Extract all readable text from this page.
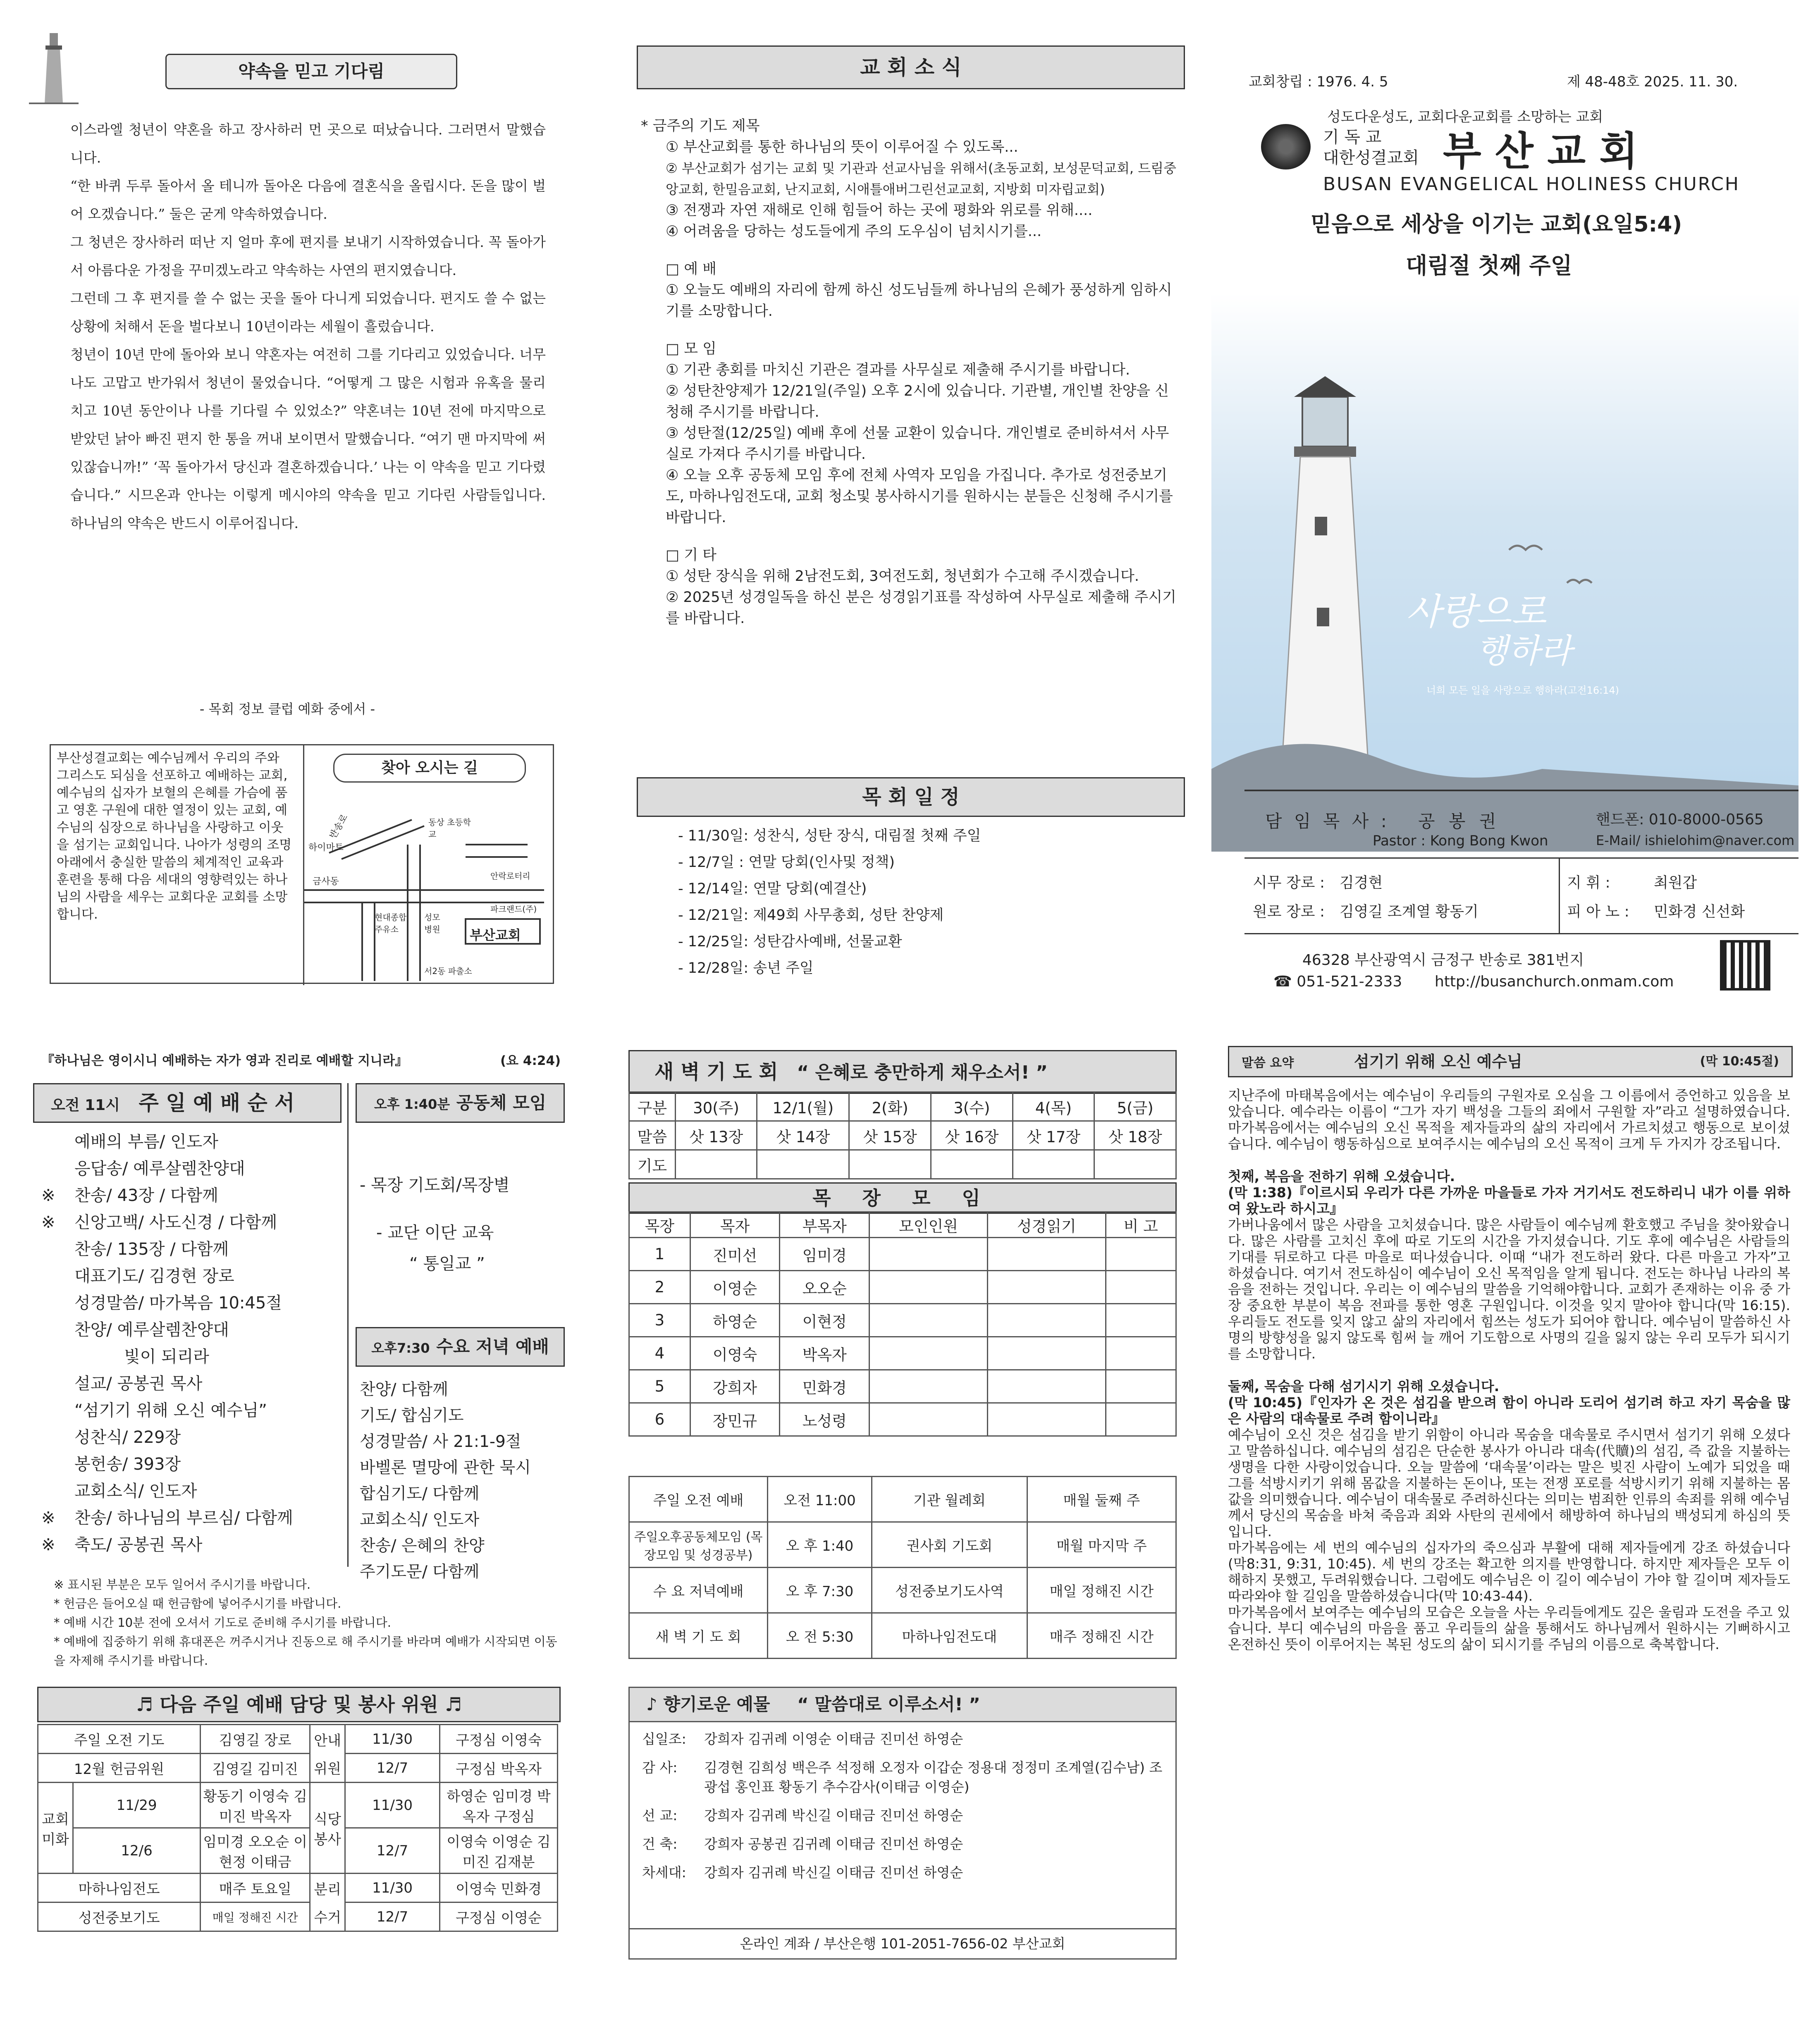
약속을 믿고 기다림

이스라엘 청년이 약혼을 하고 장사하러 먼 곳으로 떠났습니다. 그러면서 말했습니다.

“한 바퀴 두루 돌아서 올 테니까 돌아온 다음에 결혼식을 올립시다. 돈을 많이 벌어 오겠습니다.” 둘은 굳게 약속하였습니다.

그 청년은 장사하러 떠난 지 얼마 후에 편지를 보내기 시작하였습니다. 꼭 돌아가서 아름다운 가정을 꾸미겠노라고 약속하는 사연의 편지였습니다.

그런데 그 후 편지를 쓸 수 없는 곳을 돌아 다니게 되었습니다. 편지도 쓸 수 없는 상황에 처해서 돈을 벌다보니 10년이라는 세월이 흘렀습니다.

청년이 10년 만에 돌아와 보니 약혼자는 여전히 그를 기다리고 있었습니다. 너무나도 고맙고 반가워서 청년이 물었습니다. “어떻게 그 많은 시험과 유혹을 물리치고 10년 동안이나 나를 기다릴 수 있었소?” 약혼녀는 10년 전에 마지막으로 받았던 낡아 빠진 편지 한 통을 꺼내 보이면서 말했습니다. “여기 맨 마지막에 써있잖습니까!” ‘꼭 돌아가서 당신과 결혼하겠습니다.’ 나는 이 약속을 믿고 기다렸습니다.” 시므온과 안나는 이렇게 메시야의 약속을 믿고 기다린 사람들입니다. 하나님의 약속은 반드시 이루어집니다.

- 목회 정보 클럽 예화 중에서 -
부산성결교회는 예수님께서 우리의 주와 그리스도 되심을 선포하고 예배하는 교회, 예수님의 십자가 보혈의 은혜를 가슴에 품고 영혼 구원에 대한 열정이 있는 교회, 예수님의 심장으로 하나님을 사랑하고 이웃을 섬기는 교회입니다. 나아가 성령의 조명 아래에서 충실한 말씀의 체계적인 교육과 훈련을 통해 다음 세대의 영향력있는 하나님의 사람을 세우는 교회다운 교회를 소망합니다.
찾아 오시는 길
하이마트
금사동
현대종합 주유소
성모 병원
동상 초등학교
안락로터리
파크랜드(주)
부산교회
서2동 파출소
반송로
교 회 소 식

* 금주의 기도 제목

① 부산교회를 통한 하나님의 뜻이 이루어질 수 있도록...

② 부산교회가 섬기는 교회 및 기관과 선교사님을 위해서(초동교회, 보성문덕교회, 드림중앙교회, 한밀음교회, 난지교회, 시애틀애버그린선교교회, 지방회 미자립교회)

③ 전쟁과 자연 재해로 인해 힘들어 하는 곳에 평화와 위로를 위해....

④ 어려움을 당하는 성도들에게 주의 도우심이 넘치시기를...

□ 예 배

① 오늘도 예배의 자리에 함께 하신 성도님들께 하나님의 은혜가 풍성하게 임하시기를 소망합니다.

□ 모 임

① 기관 총회를 마치신 기관은 결과를 사무실로 제출해 주시기를 바랍니다.

② 성탄찬양제가 12/21일(주일) 오후 2시에 있습니다. 기관별, 개인별 찬양을 신청해 주시기를 바랍니다.

③ 성탄절(12/25일) 예배 후에 선물 교환이 있습니다. 개인별로 준비하셔서 사무실로 가져다 주시기를 바랍니다.

④ 오늘 오후 공동체 모임 후에 전체 사역자 모임을 가집니다. 추가로 성전중보기도, 마하나임전도대, 교회 청소및 봉사하시기를 원하시는 분들은 신청해 주시기를 바랍니다.

□ 기 타

① 성탄 장식을 위해 2남전도회, 3여전도회, 청년회가 수고해 주시겠습니다.

② 2025년 성경일독을 하신 분은 성경읽기표를 작성하여 사무실로 제출해 주시기를 바랍니다.

목 회 일 정

- 11/30일: 성찬식, 성탄 장식, 대림절 첫째 주일

- 12/7일 : 연말 당회(인사및 정책)

- 12/14일: 연말 당회(예결산)

- 12/21일: 제49회 사무총회, 성탄 찬양제

- 12/25일: 성탄감사예배, 선물교환

- 12/28일: 송년 주일

교회창립 : 1976. 4. 5	제 48-48호 2025. 11. 30.
성도다운성도, 교회다운교회를 소망하는 교회
기 독 교
대한성결교회 부 산 교 회
BUSAN EVANGELICAL HOLINESS CHURCH
믿음으로 세상을 이기는 교회(요일5:4)
대림절 첫째 주일
사랑으로
행하라
너희 모든 일을 사랑으로 행하라(고전16:14)
담 임 목 사 : 공 봉 권
Pastor : Kong Bong Kwon
핸드폰: 010-8000-0565
E-Mail/ ishielohim@naver.com
시무 장로 : 김경현	지 휘 :	최원갑
원로 장로 : 김영길 조계열 황동기	피 아 노 : 민화경 신선화
46328 부산광역시 금정구 반송로 381번지
☎ 051-521-2333 http://busanchurch.onmam.com
『하나님은 영이시니 예배하는 자가 영과 진리로 예배할 지니라』	(요 4:24)
오전 11시 주 일 예 배 순 서
예배의 부름/ 인도자
응답송/ 예루살렘찬양대
※ 찬송/ 43장 / 다함께
※ 신앙고백/ 사도신경 / 다함께
찬송/ 135장 / 다함께
대표기도/ 김경현 장로
성경말씀/ 마가복음 10:45절
찬양/ 예루살렘찬양대
빛이 되리라
설교/ 공봉권 목사
“섬기기 위해 오신 예수님”
성찬식/ 229장
봉헌송/ 393장
교회소식/ 인도자
※ 찬송/ 하나님의 부르심/ 다함께
※ 축도/ 공봉권 목사
오후 1:40분 공동체 모임

- 목장 기도회/목장별

- 교단 이단 교육

“ 통일교 ”

오후7:30 수요 저녁 예배

찬양/ 다함께

기도/ 합심기도

성경말씀/ 사 21:1-9절

바벨론 멸망에 관한 묵시

합심기도/ 다함께

교회소식/ 인도자

찬송/ 은혜의 찬양

주기도문/ 다함께

※ 표시된 부분은 모두 일어서 주시기를 바랍니다.

* 헌금은 들어오실 때 헌금함에 넣어주시기를 바랍니다.

* 예배 시간 10분 전에 오셔서 기도로 준비해 주시기를 바랍니다.

* 예배에 집중하기 위해 휴대폰은 꺼주시거나 진동으로 해 주시기를 바라며 예배가 시작되면 이동을 자제해 주시기를 바랍니다.

♬ 다음 주일 예배 담당 및 봉사 위원 ♬
주일 오전 기도		김영길 장로	안내	11/30	구정심 이영숙
12월 헌금위원		김영길 김미진	위원	12/7	구정심 박옥자
교회 미화	11/29	황동기 이영숙 김미진 박옥자	식당 봉사	11/30	하영순 임미경 박옥자 구정심
	12/6	임미경 오오순 이현정 이태금		12/7	이영숙 이영순 김미진 김재분
마하나임전도		매주 토요일	분리	11/30	이영숙 민화경
성전중보기도		매일 정해진 시간	수거	12/7	구정심 이영순
새 벽 기 도 회 “ 은혜로 충만하게 채우소서! ”
구분	30(주)	12/1(월)	2(화)	3(수)	4(목)	5(금)
말씀	삿 13장	삿 14장	삿 15장	삿 16장	삿 17장	삿 18장
기도						
목 장 모 임
목장	목자	부목자	모인인원	성경읽기	비 고
1	진미선	임미경			
2	이영순	오오순			
3	하영순	이현정			
4	이영숙	박옥자			
5	강희자	민화경			
6	장민규	노성령			
주일 오전 예배	오전 11:00	기관 월례회	매월 둘째 주
주일오후공동체모임 (목장모임 및 성경공부)	오 후 1:40	권사회 기도회	매월 마지막 주
수 요 저녁예배	오 후 7:30	성전중보기도사역	매일 정해진 시간
새 벽 기 도 회	오 전 5:30	마하나임전도대	매주 정해진 시간
♪ 향기로운 예물 “ 말씀대로 이루소서! ”
십일조:	강희자 김귀례 이영순 이태금 진미선 하영순
감 사:	김경현 김희성 백은주 석정해 오정자 이갑순 정용대 정정미 조계열(김수남) 조광섭 홍인표 황동기 추수감사(이태금 이영순)
선 교:	강희자 김귀례 박신길 이태금 진미선 하영순
건 축:	강희자 공봉권 김귀례 이태금 진미선 하영순
차세대:	강희자 김귀례 박신길 이태금 진미선 하영순
온라인 계좌 / 부산은행 101-2051-7656-02 부산교회
말씀 요약	섬기기 위해 오신 예수님	(막 10:45절)

지난주에 마태복음에서는 예수님이 우리들의 구원자로 오심을 그 이름에서 증언하고 있음을 보았습니다. 예수라는 이름이 “그가 자기 백성을 그들의 죄에서 구원할 자”라고 설명하였습니다. 마가복음에서는 예수님의 오신 목적을 제자들과의 삶의 자리에서 가르치셨고 행동으로 보이셨습니다. 예수님이 행동하심으로 보여주시는 예수님의 오신 목적이 크게 두 가지가 강조됩니다.

첫째, 복음을 전하기 위해 오셨습니다.

(막 1:38)『이르시되 우리가 다른 가까운 마을들로 가자 거기서도 전도하리니 내가 이를 위하여 왔노라 하시고』

가버나움에서 많은 사람을 고치셨습니다. 많은 사람들이 예수님께 환호했고 주님을 찾아왔습니다. 많은 사람를 고치신 후에 따로 기도의 시간을 가지셨습니다. 기도 후에 예수님은 사람들의 기대를 뒤로하고 다른 마을로 떠나셨습니다. 이때 “내가 전도하러 왔다. 다른 마을고 가자”고 하셨습니다. 여기서 전도하심이 예수님이 오신 목적임을 알게 됩니다. 전도는 하나님 나라의 복음을 전하는 것입니다. 우리는 이 예수님의 말씀을 기억해야합니다. 교회가 존재하는 이유 중 가장 중요한 부분이 복음 전파를 통한 영혼 구원입니다. 이것을 잊지 말아야 합니다(막 16:15). 우리들도 전도를 잊지 않고 삶의 자리에서 힘쓰는 성도가 되어야 합니다. 예수님이 말씀하신 사명의 방향성을 잃지 않도록 힘써 늘 깨어 기도함으로 사명의 길을 잃지 않는 우리 모두가 되시기를 소망합니다.

둘째, 목숨을 다해 섬기시기 위해 오셨습니다.

(막 10:45)『인자가 온 것은 섬김을 받으려 함이 아니라 도리어 섬기려 하고 자기 목숨을 많은 사람의 대속물로 주려 함이니라』

예수님이 오신 것은 섬김을 받기 위함이 아니라 목숨을 대속물로 주시면서 섬기기 위해 오셨다고 말씀하십니다. 예수님의 섬김은 단순한 봉사가 아니라 대속(代贖)의 섬김, 즉 값을 지불하는 생명을 다한 사랑이었습니다. 오늘 말씀에 ‘대속물’이라는 말은 빚진 사람이 노예가 되었을 때 그를 석방시키기 위해 몸값을 지불하는 돈이나, 또는 전쟁 포로를 석방시키기 위해 지불하는 몸값을 의미했습니다. 예수님이 대속물로 주려하신다는 의미는 범죄한 인류의 속죄를 위해 예수님께서 당신의 목숨을 바쳐 죽음과 죄와 사탄의 권세에서 해방하여 하나님의 백성되게 하심의 뜻입니다.

마가복음에는 세 번의 예수님의 십자가의 죽으심과 부활에 대해 제자들에게 강조 하셨습니다(막8:31, 9:31, 10:45). 세 번의 강조는 확고한 의지를 반영합니다. 하지만 제자들은 모두 이해하지 못했고, 두려워했습니다. 그럼에도 예수님은 이 길이 예수님이 가야 할 길이며 제자들도 따라와야 할 길임을 말씀하셨습니다(막 10:43-44).

마가복음에서 보여주는 예수님의 모습은 오늘을 사는 우리들에게도 깊은 울림과 도전을 주고 있습니다. 부디 예수님의 마음을 품고 우리들의 삶을 통해서도 하나님께서 원하시는 기뻐하시고 온전하신 뜻이 이루어지는 복된 성도의 삶이 되시기를 주님의 이름으로 축복합니다.
